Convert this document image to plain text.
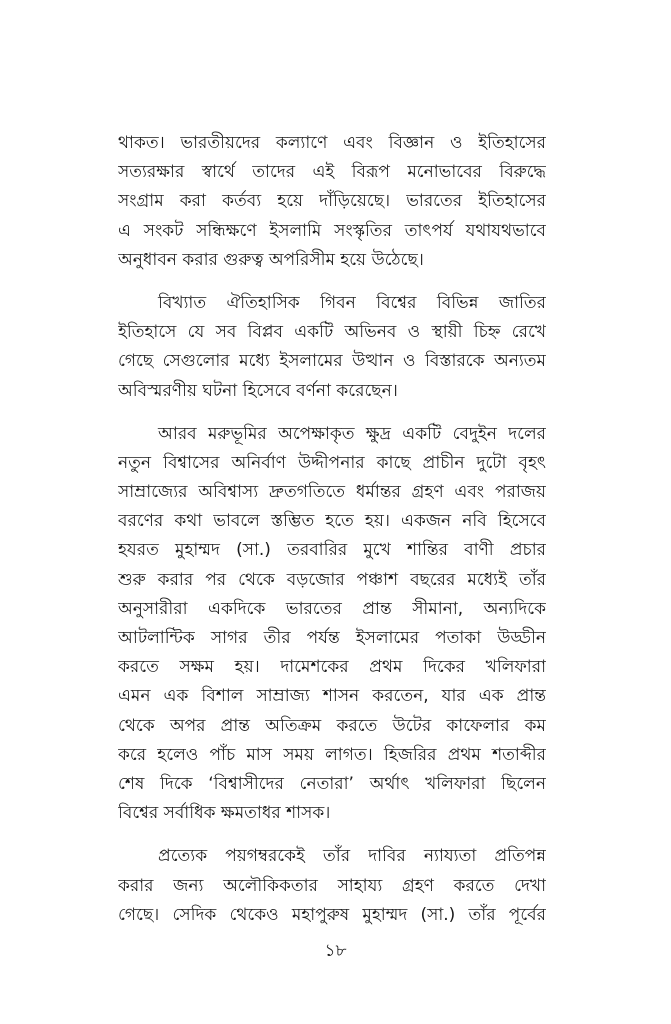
থাকত। ভারতীয়দের কল্যাণে এবং বিজ্ঞান ও ইতিহাসের
সত্যরক্ষার স্বার্থে তাদের এই বিরূপ মনোভাবের বিরুদ্ধে
সংগ্রাম করা কর্তব্য হয়ে দাঁড়িয়েছে। ভারতের ইতিহাসের
এ সংকট সন্ধিক্ষণে ইসলামি সংস্কৃতির তাৎপর্য যথাযথভাবে
অনুধাবন করার গুরুত্ব অপরিসীম হয়ে উঠেছে।

বিখ্যাত ঐতিহাসিক গিবন বিশ্বের বিভিন্ন জাতির
ইতিহাসে যে সব বিপ্লব একটি অভিনব ও স্থায়ী চিহ্ন রেখে
গেছে সেগুলোর মধ্যে ইসলামের উত্থান ও বিস্তারকে অন্যতম
অবিস্মরণীয় ঘটনা হিসেবে বর্ণনা করেছেন।

আরব মরুভূমির অপেক্ষাকৃত ক্ষুদ্র একটি বেদুইন দলের
নতুন বিশ্বাসের অনির্বাণ উদ্দীপনার কাছে প্রাচীন দুটো বৃহৎ
সাম্রাজ্যের অবিশ্বাস্য দ্রুতগতিতে ধর্মান্তর গ্রহণ এবং পরাজয়
বরণের কথা ভাবলে স্তম্ভিত হতে হয়। একজন নবি হিসেবে
হযরত মুহাম্মদ (সা.) তরবারির মুখে শান্তির বাণী প্রচার
শুরু করার পর থেকে বড়জোর পঞ্চাশ বছরের মধ্যেই তাঁর
অনুসারীরা একদিকে ভারতের প্রান্ত সীমানা, অন্যদিকে
আটলান্টিক সাগর তীর পর্যন্ত ইসলামের পতাকা উড্ডীন
করতে সক্ষম হয়। দামেশকের প্রথম দিকের খলিফারা
এমন এক বিশাল সাম্রাজ্য শাসন করতেন, যার এক প্রান্ত
থেকে অপর প্রান্ত অতিক্রম করতে উটের কাফেলার কম
করে হলেও পাঁচ মাস সময় লাগত। হিজরির প্রথম শতাব্দীর
শেষ দিকে ‘বিশ্বাসীদের নেতারা’ অর্থাৎ খলিফারা ছিলেন
বিশ্বের সর্বাধিক ক্ষমতাধর শাসক।

প্রত্যেক পয়গম্বরকেই তাঁর দাবির ন্যায্যতা প্রতিপন্ন
করার জন্য অলৌকিকতার সাহায্য গ্রহণ করতে দেখা
গেছে। সেদিক থেকেও মহাপুরুষ মুহাম্মদ (সা.) তাঁর পূর্বের

১৮
